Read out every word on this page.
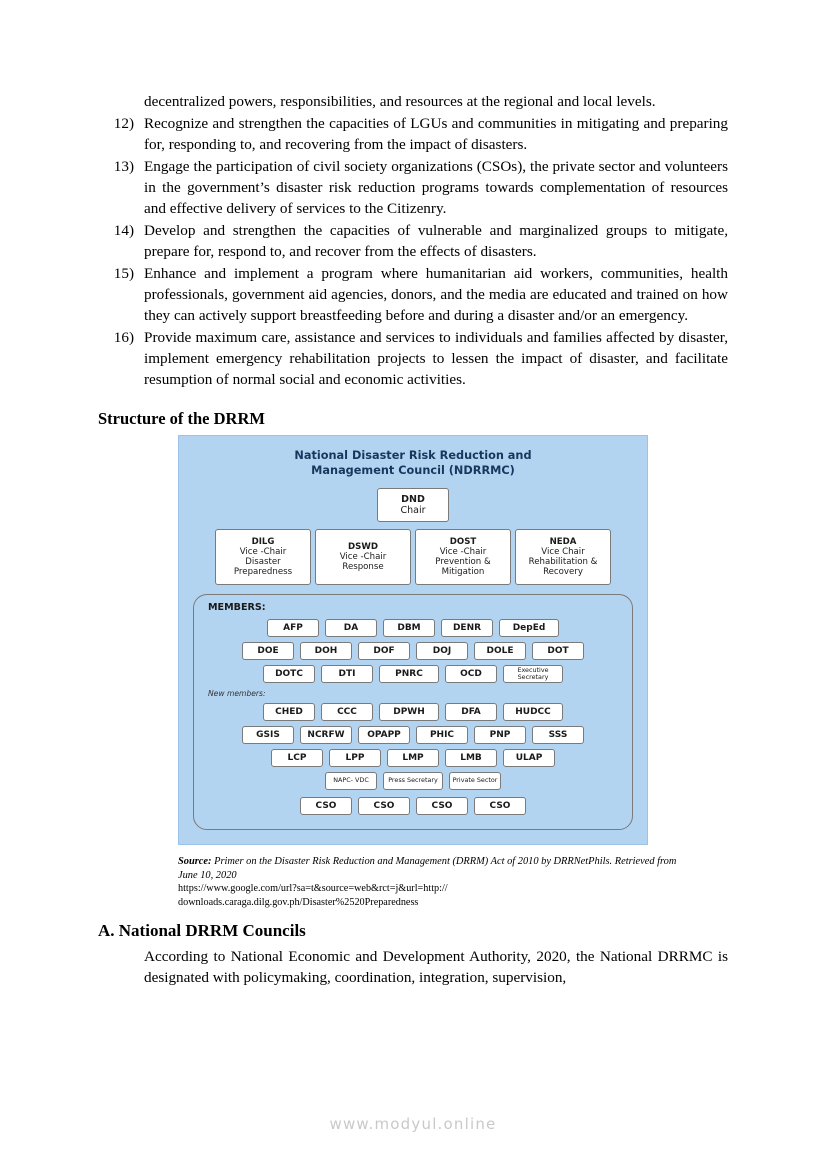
decentralized powers, responsibilities, and resources at the regional and local levels.

12) Recognize and strengthen the capacities of LGUs and communities in mitigating and preparing for, responding to, and recovering from the impact of disasters.
13) Engage the participation of civil society organizations (CSOs), the private sector and volunteers in the government’s disaster risk reduction programs towards complementation of resources and effective delivery of services to the Citizenry.
14) Develop and strengthen the capacities of vulnerable and marginalized groups to mitigate, prepare for, respond to, and recover from the effects of disasters.
15) Enhance and implement a program where humanitarian aid workers, communities, health professionals, government aid agencies, donors, and the media are educated and trained on how they can actively support breastfeeding before and during a disaster and/or an emergency.
16) Provide maximum care, assistance and services to individuals and families affected by disaster, implement emergency rehabilitation projects to lessen the impact of disaster, and facilitate resumption of normal social and economic activities.
Structure of the DRRM
National Disaster Risk Reduction and
Management Council (NDRRMC)
DND
Chair
DILG
Vice -Chair
Disaster
Preparedness
DSWD
Vice -Chair
Response
DOST
Vice -Chair
Prevention &
Mitigation
NEDA
Vice Chair
Rehabilitation &
Recovery
MEMBERS:
AFP	DA	DBM	DENR	DepEd
DOE	DOH	DOF	DOJ	DOLE	DOT
DOTC	DTI	PNRC	OCD	Executive Secretary
New members:
CHED	CCC	DPWH	DFA	HUDCC
GSIS	NCRFW	OPAPP	PHIC	PNP	SSS
LCP	LPP	LMP	LMB	ULAP
NAPC- VDC	Press Secretary	Private Sector
CSO	CSO	CSO	CSO
Source: Primer on the Disaster Risk Reduction and Management (DRRM) Act of 2010 by DRRNetPhils. Retrieved from June 10, 2020
https://www.google.com/url?sa=t&source=web&rct=j&url=http://
downloads.caraga.dilg.gov.ph/Disaster%2520Preparedness
A. National DRRM Councils

According to National Economic and Development Authority, 2020, the National DRRMC is designated with policymaking, coordination, integration, supervision,

www.modyul.online
